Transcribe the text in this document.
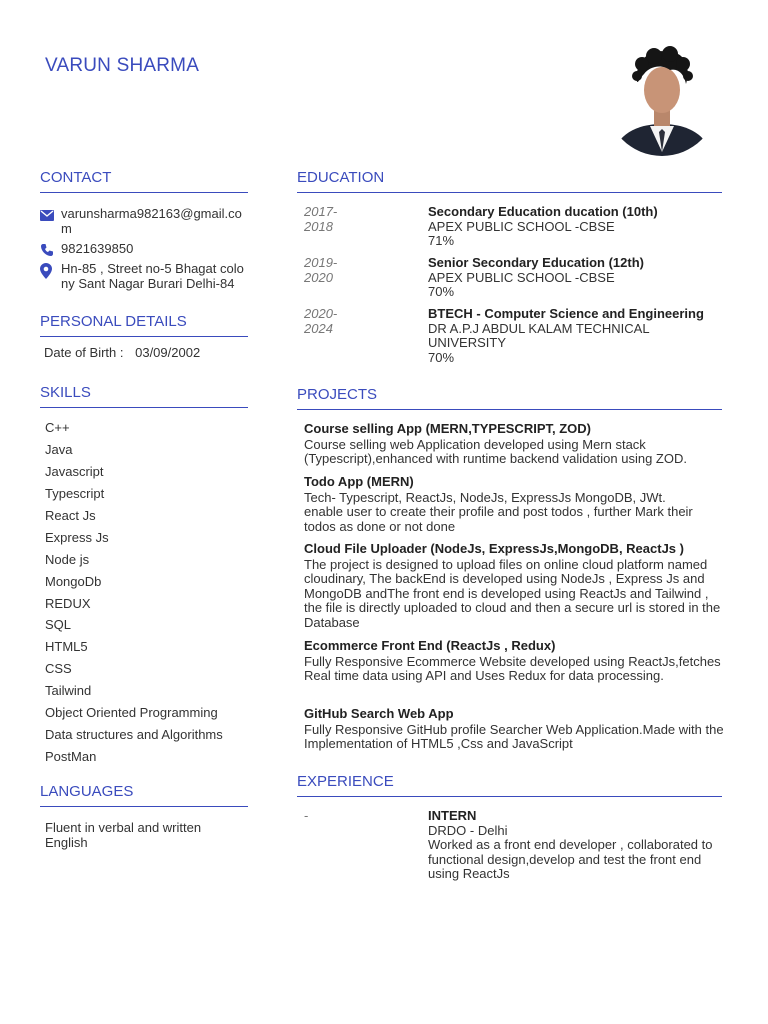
VARUN SHARMA
CONTACT
varunsharma982163@gmail.com
9821639850
Hn-85 , Street no-5 Bhagat colony Sant Nagar Burari Delhi-84
PERSONAL DETAILS
Date of Birth : 03/09/2002
SKILLS
C++
Java
Javascript
Typescript
React Js
Express Js
Node js
MongoDb
REDUX
SQL
HTML5
CSS
Tailwind
Object Oriented Programming
Data structures and Algorithms
PostMan
LANGUAGES
Fluent in verbal and written English
EDUCATION
2017-
2018
Secondary Education ducation (10th)
APEX PUBLIC SCHOOL -CBSE
71%
2019-
2020
Senior Secondary Education (12th)
APEX PUBLIC SCHOOL -CBSE
70%
2020-
2024
BTECH - Computer Science and Engineering
DR A.P.J ABDUL KALAM TECHNICAL UNIVERSITY
70%
PROJECTS
Course selling App (MERN,TYPESCRIPT, ZOD)
Course selling web Application developed using Mern stack (Typescript),enhanced with runtime backend validation using ZOD.
Todo App (MERN)
Tech- Typescript, ReactJs, NodeJs, ExpressJs MongoDB, JWt.
enable user to create their profile and post todos , further Mark their todos as done or not done
Cloud File Uploader (NodeJs, ExpressJs,MongoDB, ReactJs )
The project is designed to upload files on online cloud platform named cloudinary, The backEnd is developed using NodeJs , Express Js and MongoDB andThe front end is developed using ReactJs and Tailwind , the file is directly uploaded to cloud and then a secure url is stored in the Database
Ecommerce Front End (ReactJs , Redux)
Fully Responsive Ecommerce Website developed using ReactJs,fetches Real time data using API and Uses Redux for data processing.
GitHub Search Web App
Fully Responsive GitHub profile Searcher Web Application.Made with the Implementation of HTML5 ,Css and JavaScript
EXPERIENCE
-	INTERN
DRDO - Delhi
Worked as a front end developer , collaborated to functional design,develop and test the front end using ReactJs
